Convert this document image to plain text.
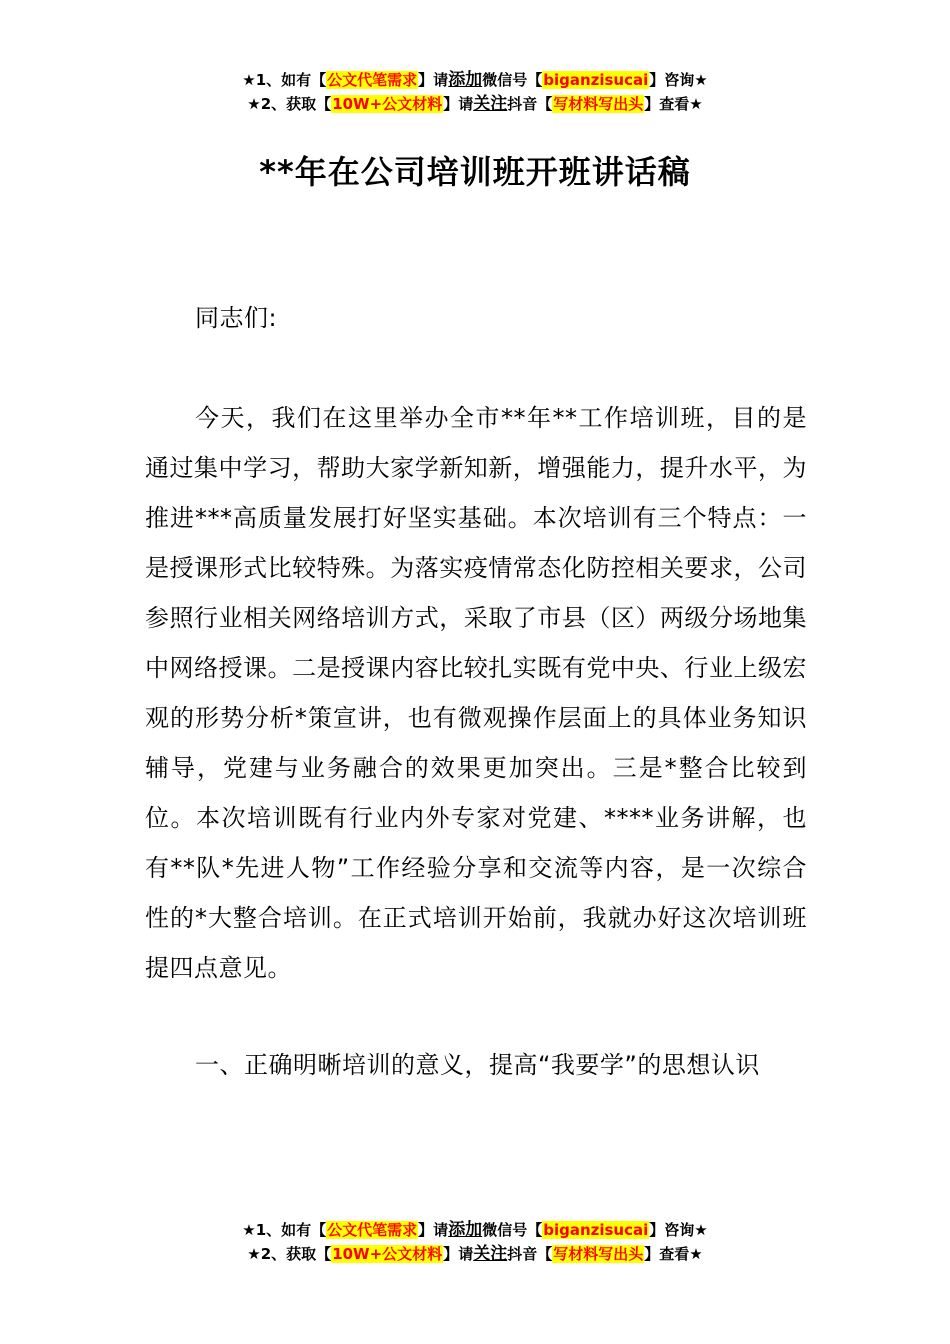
★1、如有【公文代笔需求】请添加微信号【biganzisucai】咨询★
★2、获取【10W+公文材料】请关注抖音【写材料写出头】查看★
**年在公司培训班开班讲话稿

同志们:

今天，我们在这里举办全市**年**工作培训班，目的是通过集中学习，帮助大家学新知新，增强能力，提升水平，为推进***高质量发展打好坚实基础。本次培训有三个特点：一是授课形式比较特殊。为落实疫情常态化防控相关要求，公司参照行业相关网络培训方式，采取了市县（区）两级分场地集中网络授课。二是授课内容比较扎实既有党中央、行业上级宏观的形势分析*策宣讲，也有微观操作层面上的具体业务知识辅导，党建与业务融合的效果更加突出。三是*整合比较到位。本次培训既有行业内外专家对党建、****业务讲解，也有**队*先进人物”工作经验分享和交流等内容，是一次综合性的*大整合培训。在正式培训开始前，我就办好这次培训班提四点意见。

一、正确明晰培训的意义，提高“我要学”的思想认识

★1、如有【公文代笔需求】请添加微信号【biganzisucai】咨询★
★2、获取【10W+公文材料】请关注抖音【写材料写出头】查看★
